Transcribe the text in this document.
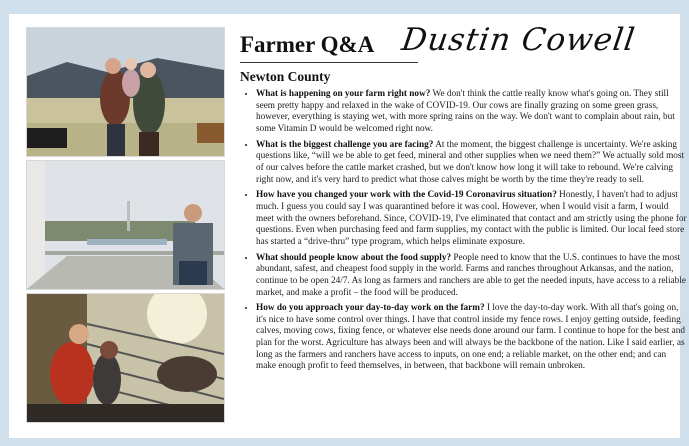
Farmer Q&A Dustin Cowell
Newton County
• What is happening on your farm right now? We don't think the cattle really know what's going on. They still seem pretty happy and relaxed in the wake of COVID-19. Our cows are finally grazing on some green grass, however, everything is staying wet, with more spring rains on the way. We don't want to complain about rain, but some Vitamin D would be welcomed right now.
• What is the biggest challenge you are facing? At the moment, the biggest challenge is uncertainty. We're asking questions like, “will we be able to get feed, mineral and other supplies when we need them?” We actually sold most of our calves before the cattle market crashed, but we don't know how long it will take to rebound. We're calving right now, and it's very hard to predict what those calves might be worth by the time they're ready to sell.
• How have you changed your work with the Covid-19 Coronavirus situation? Honestly, I haven't had to adjust much. I guess you could say I was quarantined before it was cool. However, when I would visit a farm, I would meet with the owners beforehand. Since, COVID-19, I've eliminated that contact and am strictly using the phone for questions. Even when purchasing feed and farm supplies, my contact with the public is limited. Our local feed store has started a “drive-thru” type program, which helps eliminate exposure.
• What should people know about the food supply? People need to know that the U.S. continues to have the most abundant, safest, and cheapest food supply in the world. Farms and ranches throughout Arkansas, and the nation, continue to be open 24/7. As long as farmers and ranchers are able to get the needed inputs, have access to a reliable market, and make a profit – the food will be produced.
• How do you approach your day-to-day work on the farm? I love the day-to-day work. With all that's going on, it's nice to have some control over things. I have that control inside my fence rows. I enjoy getting outside, feeding calves, moving cows, fixing fence, or whatever else needs done around our farm. I continue to hope for the best and plan for the worst. Agriculture has always been and will always be the backbone of the nation. Like I said earlier, as long as the farmers and ranchers have access to inputs, on one end; a reliable market, on the other end; and can make enough profit to feed themselves, in between, that backbone will remain unbroken.
